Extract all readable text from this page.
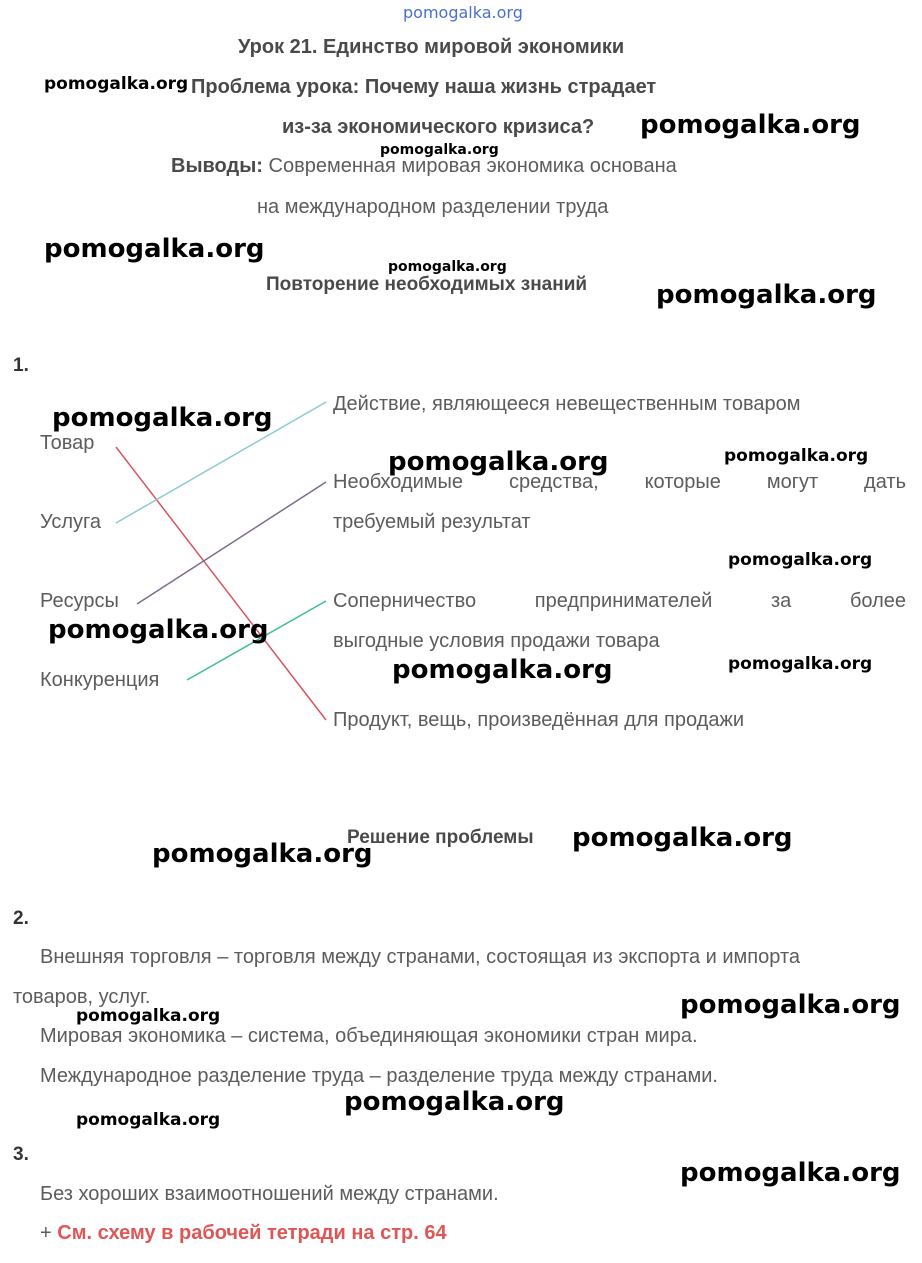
pomogalka.org
Урок 21. Единство мировой экономики
Проблема урока: Почему наша жизнь страдает
из-за экономического кризиса?
Выводы: Современная мировая экономика основана
на международном разделении труда
Повторение необходимых знаний
1.
Товар
Услуга
Ресурсы
Конкуренция
Действие, являющееся невещественным товаром
Необходимые средства, которые могут дать
требуемый результат
Соперничество предпринимателей за более
выгодные условия продажи товара
Продукт, вещь, произведённая для продажи
Решение проблемы
2.
Внешняя торговля – торговля между странами, состоящая из экспорта и импорта
товаров, услуг.
Мировая экономика – система, объединяющая экономики стран мира.
Международное разделение труда – разделение труда между странами.
3.
Без хороших взаимоотношений между странами.
+ См. схему в рабочей тетради на стр. 64
pomogalka.org
pomogalka.org
pomogalka.org
pomogalka.org
pomogalka.org
pomogalka.org
pomogalka.org
pomogalka.org	pomogalka.org
pomogalka.org
pomogalka.org
pomogalka.org	pomogalka.org
pomogalka.org
pomogalka.org
pomogalka.org
pomogalka.org
pomogalka.org
pomogalka.org
pomogalka.org
